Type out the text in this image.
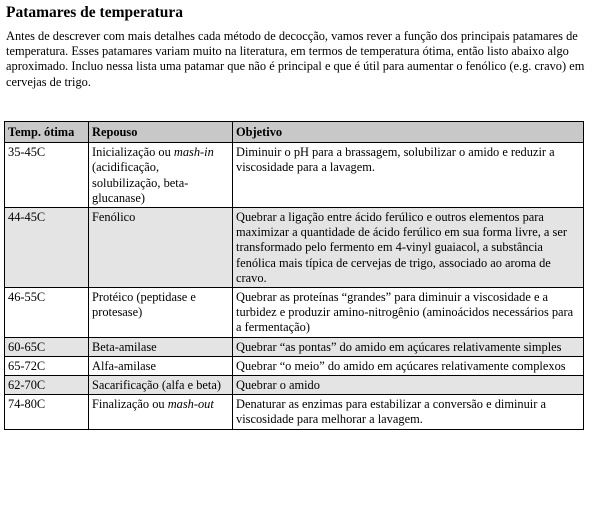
Patamares de temperatura

Antes de descrever com mais detalhes cada método de decocção, vamos rever a função dos principais patamares de temperatura. Esses patamares variam muito na literatura, em termos de temperatura ótima, então listo abaixo algo aproximado. Incluo nessa lista uma patamar que não é principal e que é útil para aumentar o fenólico (e.g. cravo) em cervejas de trigo.

Temp. ótima	Repouso	Objetivo
35-45C	Inicialização ou mash-in (acidificação, solubilização, beta-glucanase)	Diminuir o pH para a brassagem, solubilizar o amido e reduzir a viscosidade para a lavagem.
44-45C	Fenólico	Quebrar a ligação entre ácido ferúlico e outros elementos para maximizar a quantidade de ácido ferúlico em sua forma livre, a ser transformado pelo fermento em 4-vinyl guaiacol, a substância fenólica mais típica de cervejas de trigo, associado ao aroma de cravo.
46-55C	Protéico (peptidase e protesase)	Quebrar as proteínas “grandes” para diminuir a viscosidade e a turbidez e produzir amino-nitrogênio (aminoácidos necessários para a fermentação)
60-65C	Beta-amilase	Quebrar “as pontas” do amido em açúcares relativamente simples
65-72C	Alfa-amilase	Quebrar “o meio” do amido em açúcares relativamente complexos
62-70C	Sacarificação (alfa e beta)	Quebrar o amido
74-80C	Finalização ou mash-out	Denaturar as enzimas para estabilizar a conversão e diminuir a viscosidade para melhorar a lavagem.
